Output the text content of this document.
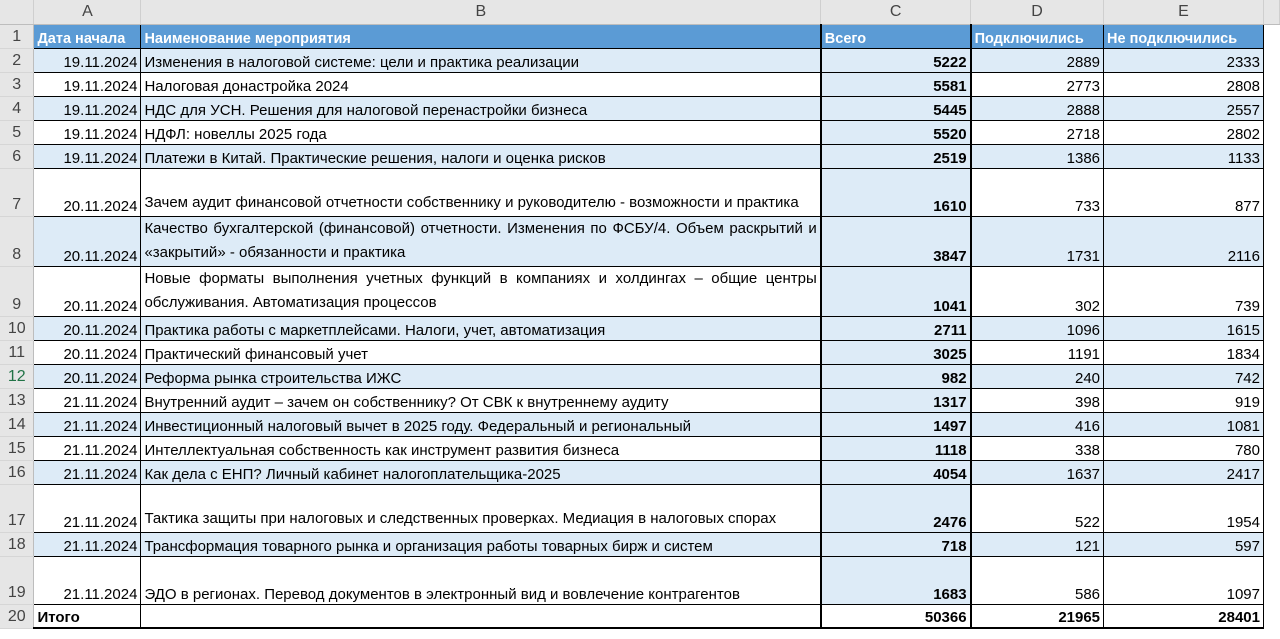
	A	B	C	D	E	
1	Дата начала	Наименование мероприятия	Всего	Подключились	Не подключились	
2	19.11.2024	Изменения в налоговой системе: цели и практика реализации	5222	2889	2333	
3	19.11.2024	Налоговая донастройка 2024	5581	2773	2808	
4	19.11.2024	НДС для УСН. Решения для налоговой перенастройки бизнеса	5445	2888	2557	
5	19.11.2024	НДФЛ: новеллы 2025 года	5520	2718	2802	
6	19.11.2024	Платежи в Китай. Практические решения, налоги и оценка рисков	2519	1386	1133	
7	20.11.2024	Зачем аудит финансовой отчетности собственнику и руководителю - возможности и практика	1610	733	877	
8	20.11.2024	Качество бухгалтерской (финансовой) отчетности. Изменения по ФСБУ/4. Объем раскрытий и «закрытий» - обязанности и практика	3847	1731	2116	
9	20.11.2024	Новые форматы выполнения учетных функций в компаниях и холдингах – общие центры обслуживания. Автоматизация процессов	1041	302	739	
10	20.11.2024	Практика работы с маркетплейсами. Налоги, учет, автоматизация	2711	1096	1615	
11	20.11.2024	Практический финансовый учет	3025	1191	1834	
12	20.11.2024	Реформа рынка строительства ИЖС	982	240	742	
13	21.11.2024	Внутренний аудит – зачем он собственнику? От СВК к внутреннему аудиту	1317	398	919	
14	21.11.2024	Инвестиционный налоговый вычет в 2025 году. Федеральный и региональный	1497	416	1081	
15	21.11.2024	Интеллектуальная собственность как инструмент развития бизнеса	1118	338	780	
16	21.11.2024	Как дела с ЕНП? Личный кабинет налогоплательщика-2025	4054	1637	2417	
17	21.11.2024	Тактика защиты при налоговых и следственных проверках. Медиация в налоговых спорах	2476	522	1954	
18	21.11.2024	Трансформация товарного рынка и организация работы товарных бирж и систем	718	121	597	
19	21.11.2024	ЭДО в регионах. Перевод документов в электронный вид и вовлечение контрагентов	1683	586	1097	
20	Итого		50366	21965	28401	
